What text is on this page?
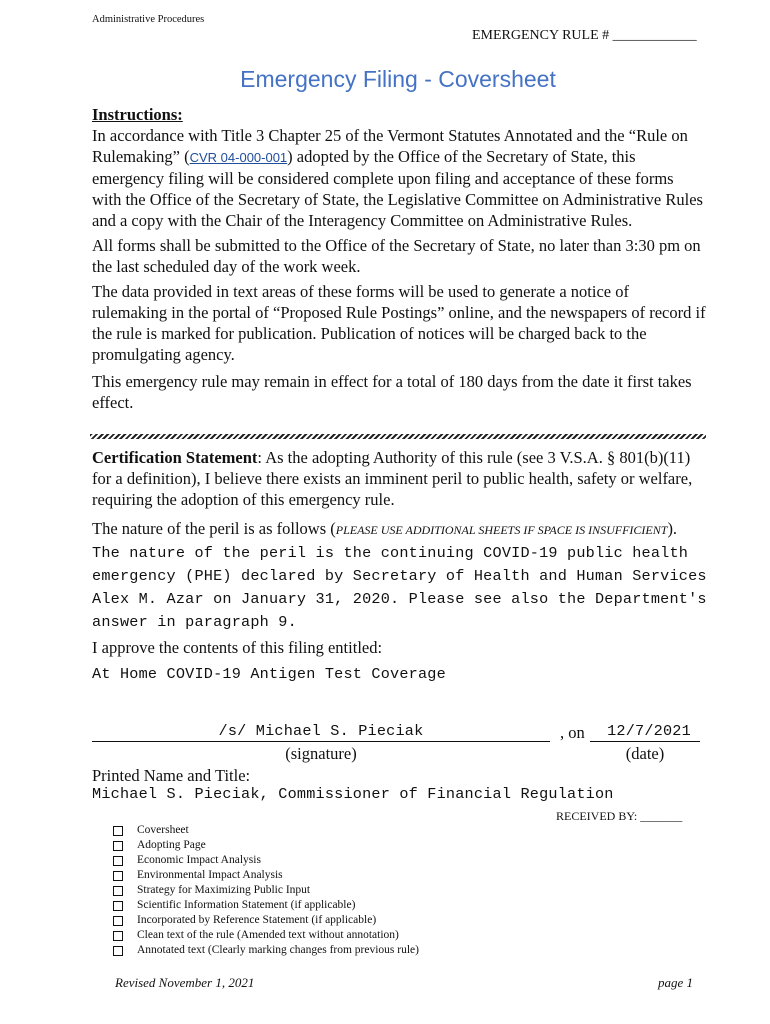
Administrative Procedures
EMERGENCY RULE # ____________
Emergency Filing - Coversheet
Instructions:
In accordance with Title 3 Chapter 25 of the Vermont Statutes Annotated and the “Rule on Rulemaking” (CVR 04-000-001) adopted by the Office of the Secretary of State, this emergency filing will be considered complete upon filing and acceptance of these forms with the Office of the Secretary of State, the Legislative Committee on Administrative Rules and a copy with the Chair of the Interagency Committee on Administrative Rules.
All forms shall be submitted to the Office of the Secretary of State, no later than 3:30 pm on the last scheduled day of the work week.
The data provided in text areas of these forms will be used to generate a notice of rulemaking in the portal of “Proposed Rule Postings” online, and the newspapers of record if the rule is marked for publication. Publication of notices will be charged back to the promulgating agency.
This emergency rule may remain in effect for a total of 180 days from the date it first takes effect.
Certification Statement: As the adopting Authority of this rule (see 3 V.S.A. § 801(b)(11) for a definition), I believe there exists an imminent peril to public health, safety or welfare, requiring the adoption of this emergency rule.
The nature of the peril is as follows (PLEASE USE ADDITIONAL SHEETS IF SPACE IS INSUFFICIENT). The nature of the peril is the continuing COVID-19 public health emergency (PHE) declared by Secretary of Health and Human Services Alex M. Azar on January 31, 2020. Please see also the Department's answer in paragraph 9.
I approve the contents of this filing entitled:
At Home COVID-19 Antigen Test Coverage
/s/ Michael S. Pieciak	, on	12/7/2021
(signature)	(date)
Printed Name and Title:
Michael S. Pieciak, Commissioner of Financial Regulation
RECEIVED BY: _______
Coversheet
Adopting Page
Economic Impact Analysis
Environmental Impact Analysis
Strategy for Maximizing Public Input
Scientific Information Statement (if applicable)
Incorporated by Reference Statement (if applicable)
Clean text of the rule (Amended text without annotation)
Annotated text (Clearly marking changes from previous rule)
Revised November 1, 2021	page 1
